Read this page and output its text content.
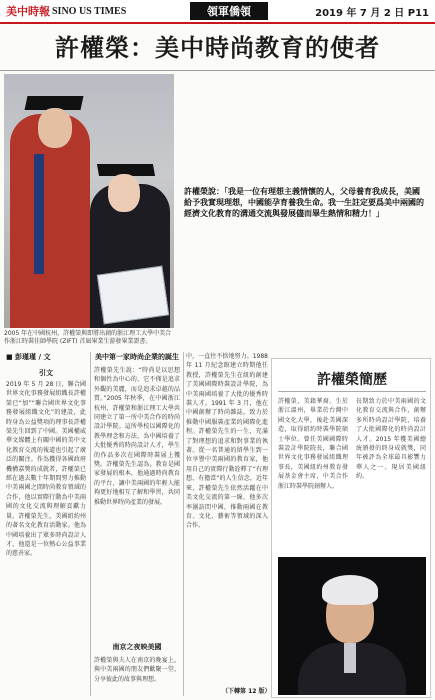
美中時報 SINO US TIMES	領軍僑領	2019 年 7 月 2 日 P11
許權榮：美中時尚教育的使者
2005 年在中國杭州，許權榮與即將出創的浙江理工大學中美合作浙江時裝佳師學院 (ZIFT) 首屆畢業生游發畢業證書。
許權榮說：「我是一位有理想主義情懷的人，父母養育我成長，美國給予我實現理想，中國能孕育養我生命。我一生註定要爲美中兩國的經濟文化教育的溝通交流與發展儘而畢生熱情和精力！」
■ 彭瑾瑾 / 文
引文
2019 年 5 月 28 日，聯合國世界文化事務發展組織長許權榮已“加”“聯合國世界文化事務發展組織文化”的建設，此時身為公益獎項的理事長許權榮先生回到了中國。美國權威華文媒體上有關中國的美中文化教育交流的報道也引起了廣泛的關注。作為獲得各國政府機構嘉獎的成就者，許權榮已經在過去數十年期間努力推動中美兩國之間時尚教育領域的合作，他以實際行動為中美兩國的文化交流與理解貢獻力量。許權榮先生，美國紐約州的著名文化教育活動家。他為中國培養出了眾多時尚設計人才，他還是一位熱心公益事業的慈善家。
美中第一家時尚企業的誕生
許權榮先生說：“時尚是以思想和個性為中心的，它不僅是追求外觀的美麗，而是追求卓越的品質。”2005 年秋季，在中國浙江杭州，許權榮和浙江理工大學共同建立了第一所中美合作的時尚設計學院。這所學校以國際化的教學理念和方法，為中國培養了大批優秀的時尚設計人才，學生的作品多次在國際時裝展上獲獎。許權榮先生認為，教育是國家發展的根本，他通過時尚教育的平台，讓中美兩國的年輕人能夠更好地相互了解和學習，共同推動世界時尚產業的發展。
南京之夜映美國
許權榮與夫人在南京的晚宴上，與中美兩國的朋友們歡聚一堂，分享彼此的故事與理想。
中，一直往不捨地努力。1988 年 11 月紀念館建立時期他任教授，許權榮先生在紐約創建了美國國際時裝設計學院，為中美兩國培養了大批的優秀時裝人才。1991 年 3 月，他在中國創辦了時尚雜誌，致力於推動中國服裝產業的國際化進程。許權榮先生的一生，充滿了對理想的追求和對事業的執著。從一名普通的留學生到一位享譽中美兩國的教育家，他用自己的實際行動詮釋了“有理想、有擔當”的人生信念。近年來，許權榮先生依然活躍在中美文化交流的第一線，他多次率團訪問中國，推動兩國在教育、文化、藝術等領域的深入合作。
（下轉第 12 版）
許權榮簡歷
許權榮，美籍華裔。生於浙江溫州，畢業於台灣中國文化大學，後赴美國深造，取得紐約時裝學院碩士學位。曾任美國國際時裝設計學院院長，聯合國世界文化事務發展組織理事長，美國紐約州教育發展基金會主席，中美合作浙江時裝學院創辦人。
長期致力於中美兩國的文化教育交流與合作，創辦多所時尚設計學院，培養了大批國際化的時尚設計人才。2015 年獲美國總統頒發的終身成就獎，同年被評為全球最具影響力華人之一。現居美國紐約。
